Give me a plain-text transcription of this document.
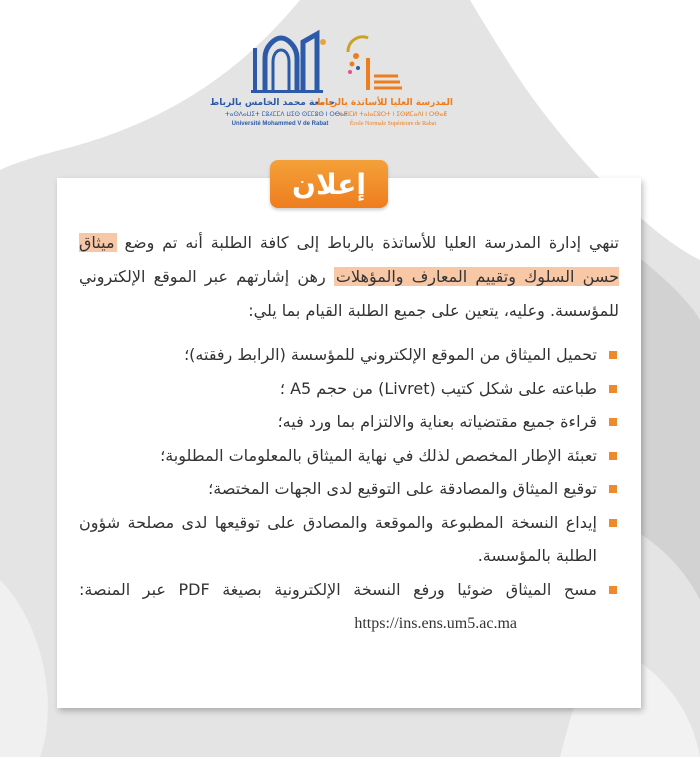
جامعة محمد الخامس بالرباط
ⵜⴰⵙⴷⴰⵡⵉⵜ ⵎⵓⵃⵎⵎⴷ ⵡⵉⵙ ⵙⵎⵎⵓⵙ ⵏ ⵔⴱⴰⵟ
Université Mohammed V de Rabat
المدرسة العليا للأساتذة بالرباط
ⵜⵉⵏⵎⵍ ⵜⴰⵏⴰⵎⵓⵔⵜ ⵏ ⵉⵙⵍⵎⴰⴷⵏ ⵏ ⵔⴱⴰⵟ
École Normale Supérieure de Rabat
إعلان
تنهي إدارة المدرسة العليا للأساتذة بالرباط إلى كافة الطلبة أنه تم وضع ميثاق حسن السلوك وتقييم المعارف والمؤهلات رهن إشارتهم عبر الموقع الإلكتروني للمؤسسة. وعليه، يتعين على جميع الطلبة القيام بما يلي:
تحميل الميثاق من الموقع الإلكتروني للمؤسسة (الرابط رفقته)؛
طباعته على شكل كتيب (Livret) من حجم A5 ؛
قراءة جميع مقتضياته بعناية والالتزام بما ورد فيه؛
تعبئة الإطار المخصص لذلك في نهاية الميثاق بالمعلومات المطلوبة؛
توقيع الميثاق والمصادقة على التوقيع لدى الجهات المختصة؛
إيداع النسخة المطبوعة والموقعة والمصادق على توقيعها لدى مصلحة شؤون الطلبة بالمؤسسة.
مسح الميثاق ضوئيا ورفع النسخة الإلكترونية بصيغة PDF عبر المنصة: https://ins.ens.um5.ac.ma
